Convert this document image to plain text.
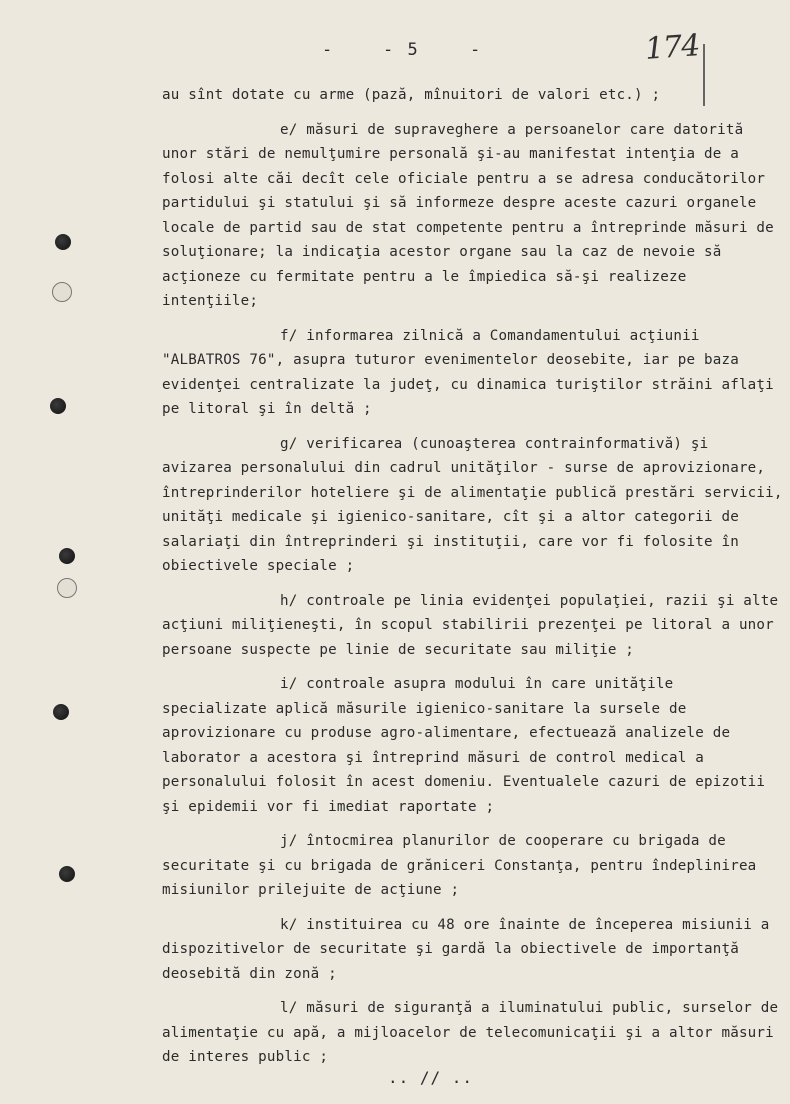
-	- 5	-	174

au sînt dotate cu arme (pază, mînuitori de valori etc.) ;

e/ măsuri de supraveghere a persoanelor care datorită unor stări de nemulţumire personală şi-au manifestat intenţia de a folosi alte căi decît cele oficiale pentru a se adresa conducătorilor partidului şi statului şi să informeze despre aceste cazuri organele locale de partid sau de stat competente pentru a întreprinde măsuri de soluţionare; la indicaţia acestor organe sau la caz de nevoie să acţioneze cu fermitate pentru a le împiedica să-şi realizeze intenţiile;

f/ informarea zilnică a Comandamentului acţiunii "ALBATROS 76", asupra tuturor evenimentelor deosebite, iar pe baza evidenţei centralizate la judeţ, cu dinamica turiştilor străini aflaţi pe litoral şi în deltă ;

g/ verificarea (cunoaşterea contrainformativă) şi avizarea personalului din cadrul unităţilor - surse de aprovizionare, întreprinderilor hoteliere şi de alimentaţie publică prestări servicii, unităţi medicale şi igienico-sanitare, cît şi a altor categorii de salariaţi din întreprinderi şi instituţii, care vor fi folosite în obiectivele speciale ;

h/ controale pe linia evidenţei populaţiei, razii şi alte acţiuni miliţieneşti, în scopul stabilirii prezenţei pe litoral a unor persoane suspecte pe linie de securitate sau miliţie ;

i/ controale asupra modului în care unităţile specializate aplică măsurile igienico-sanitare la sursele de aprovizionare cu produse agro-alimentare, efectuează analizele de laborator a acestora şi întreprind măsuri de control medical a personalului folosit în acest domeniu. Eventualele cazuri de epizotii şi epidemii vor fi imediat raportate ;

j/ întocmirea planurilor de cooperare cu brigada de securitate şi cu brigada de grăniceri Constanţa, pentru îndeplinirea misiunilor prilejuite de acţiune ;

k/ instituirea cu 48 ore înainte de începerea misiunii a dispozitivelor de securitate şi gardă la obiectivele de importanţă deosebită din zonă ;

l/ măsuri de siguranţă a iluminatului public, surselor de alimentaţie cu apă, a mijloacelor de telecomunicaţii şi a altor măsuri de interes public ;

.. // ..
